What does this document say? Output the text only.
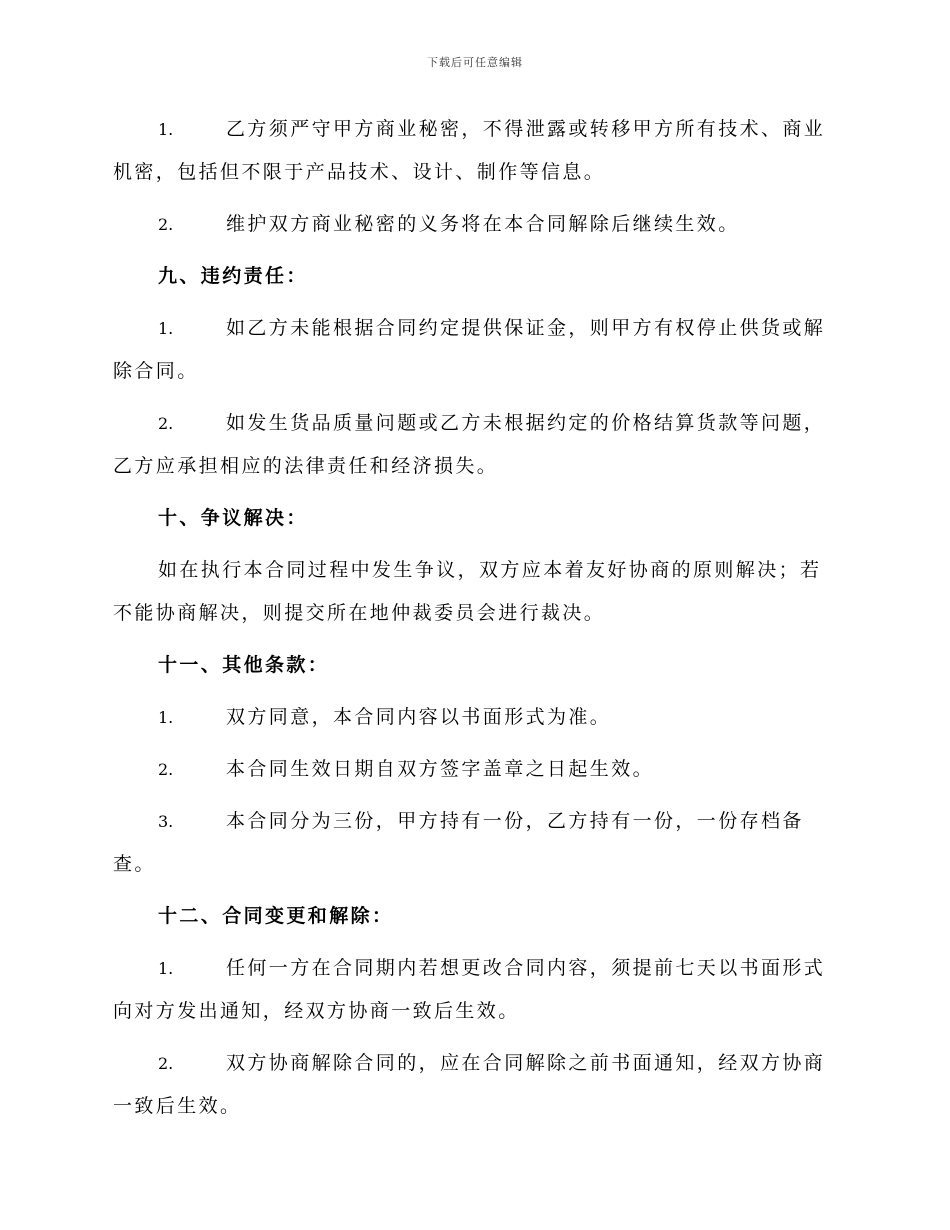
下载后可任意编辑
1.	乙方须严守甲方商业秘密，不得泄露或转移甲方所有技术、商业
机密，包括但不限于产品技术、设计、制作等信息。
2.	维护双方商业秘密的义务将在本合同解除后继续生效。
九、违约责任：
1.	如乙方未能根据合同约定提供保证金，则甲方有权停止供货或解
除合同。
2.	如发生货品质量问题或乙方未根据约定的价格结算货款等问题，
乙方应承担相应的法律责任和经济损失。
十、争议解决：
如在执行本合同过程中发生争议，双方应本着友好协商的原则解决；若
不能协商解决，则提交所在地仲裁委员会进行裁决。
十一、其他条款：
1.	双方同意，本合同内容以书面形式为准。
2.	本合同生效日期自双方签字盖章之日起生效。
3.	本合同分为三份，甲方持有一份，乙方持有一份，一份存档备
查。
十二、合同变更和解除：
1.	任何一方在合同期内若想更改合同内容，须提前七天以书面形式
向对方发出通知，经双方协商一致后生效。
2.	双方协商解除合同的，应在合同解除之前书面通知，经双方协商
一致后生效。
